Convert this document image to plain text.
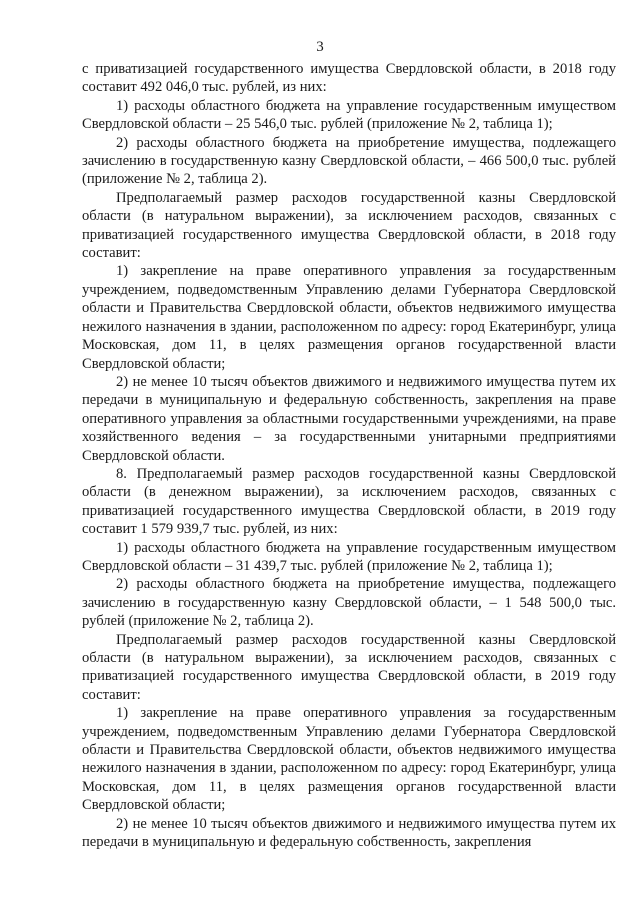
3

с приватизацией государственного имущества Свердловской области, в 2018 году составит 492 046,0 тыс. рублей, из них:

1) расходы областного бюджета на управление государственным имуществом Свердловской области – 25 546,0 тыс. рублей (приложение № 2, таблица 1);

2) расходы областного бюджета на приобретение имущества, подлежащего зачислению в государственную казну Свердловской области, – 466 500,0 тыс. рублей (приложение № 2, таблица 2).

Предполагаемый размер расходов государственной казны Свердловской области (в натуральном выражении), за исключением расходов, связанных с приватизацией государственного имущества Свердловской области, в 2018 году составит:

1) закрепление на праве оперативного управления за государственным учреждением, подведомственным Управлению делами Губернатора Свердловской области и Правительства Свердловской области, объектов недвижимого имущества нежилого назначения в здании, расположенном по адресу: город Екатеринбург, улица Московская, дом 11, в целях размещения органов государственной власти Свердловской области;

2) не менее 10 тысяч объектов движимого и недвижимого имущества путем их передачи в муниципальную и федеральную собственность, закрепления на праве оперативного управления за областными государственными учреждениями, на праве хозяйственного ведения – за государственными унитарными предприятиями Свердловской области.

8. Предполагаемый размер расходов государственной казны Свердловской области (в денежном выражении), за исключением расходов, связанных с приватизацией государственного имущества Свердловской области, в 2019 году составит 1 579 939,7 тыс. рублей, из них:

1) расходы областного бюджета на управление государственным имуществом Свердловской области – 31 439,7 тыс. рублей (приложение № 2, таблица 1);

2) расходы областного бюджета на приобретение имущества, подлежащего зачислению в государственную казну Свердловской области, – 1 548 500,0 тыс. рублей (приложение № 2, таблица 2).

Предполагаемый размер расходов государственной казны Свердловской области (в натуральном выражении), за исключением расходов, связанных с приватизацией государственного имущества Свердловской области, в 2019 году составит:

1) закрепление на праве оперативного управления за государственным учреждением, подведомственным Управлению делами Губернатора Свердловской области и Правительства Свердловской области, объектов недвижимого имущества нежилого назначения в здании, расположенном по адресу: город Екатеринбург, улица Московская, дом 11, в целях размещения органов государственной власти Свердловской области;

2) не менее 10 тысяч объектов движимого и недвижимого имущества путем их передачи в муниципальную и федеральную собственность, закрепления
